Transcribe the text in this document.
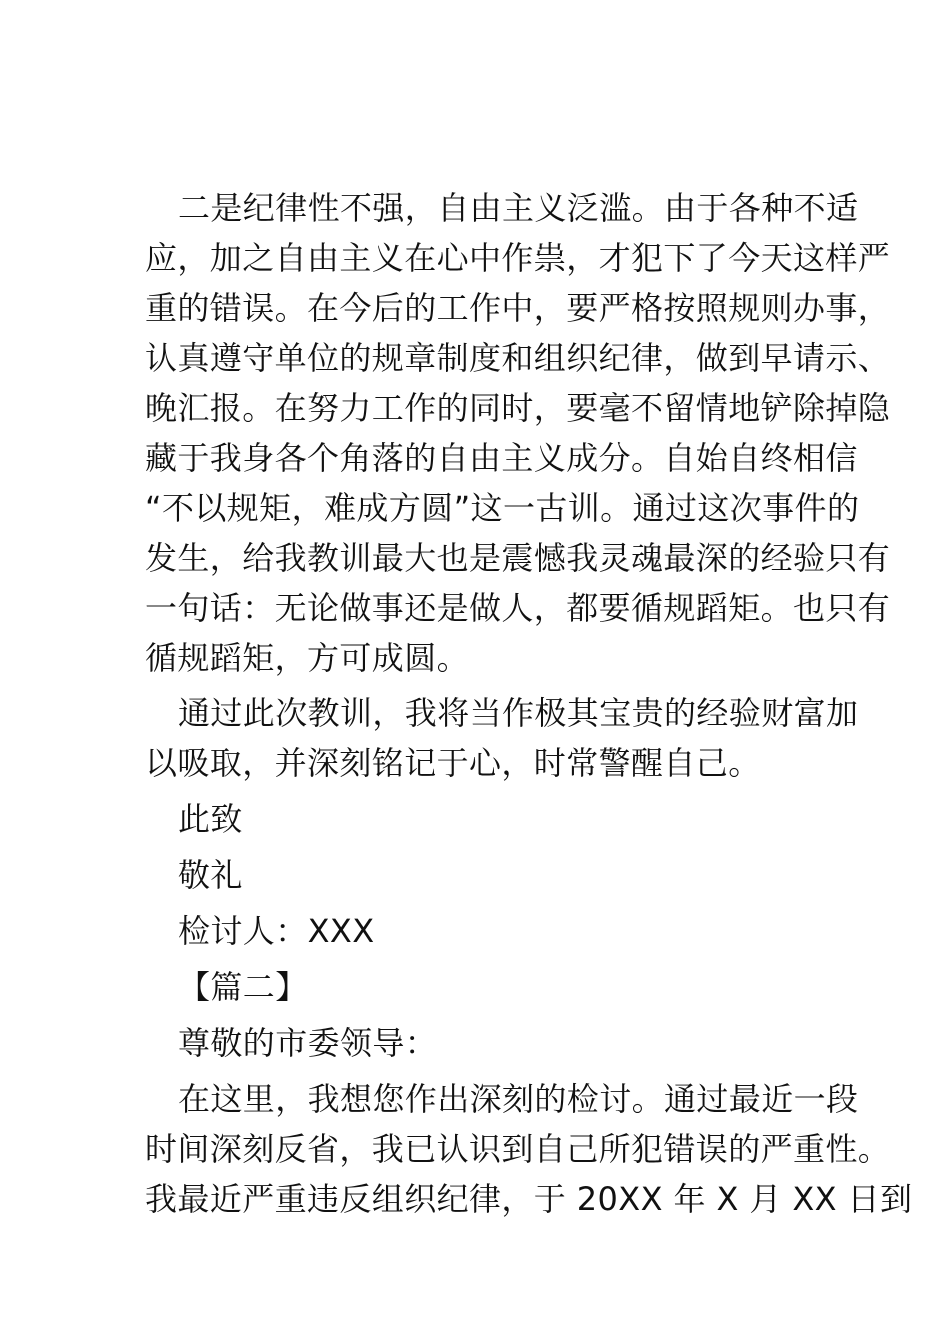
二是纪律性不强，自由主义泛滥。由于各种不适
应，加之自由主义在心中作祟，才犯下了今天这样严
重的错误。在今后的工作中，要严格按照规则办事，
认真遵守单位的规章制度和组织纪律，做到早请示、
晚汇报。在努力工作的同时，要毫不留情地铲除掉隐
藏于我身各个角落的自由主义成分。自始自终相信
“不以规矩，难成方圆”这一古训。通过这次事件的
发生，给我教训最大也是震憾我灵魂最深的经验只有
一句话：无论做事还是做人，都要循规蹈矩。也只有
循规蹈矩，方可成圆。
通过此次教训，我将当作极其宝贵的经验财富加
以吸取，并深刻铭记于心，时常警醒自己。
此致
敬礼
检讨人：XXX
【篇二】
尊敬的市委领导：
在这里，我想您作出深刻的检讨。通过最近一段
时间深刻反省，我已认识到自己所犯错误的严重性。
我最近严重违反组织纪律，于 20XX 年 X 月 XX 日到
